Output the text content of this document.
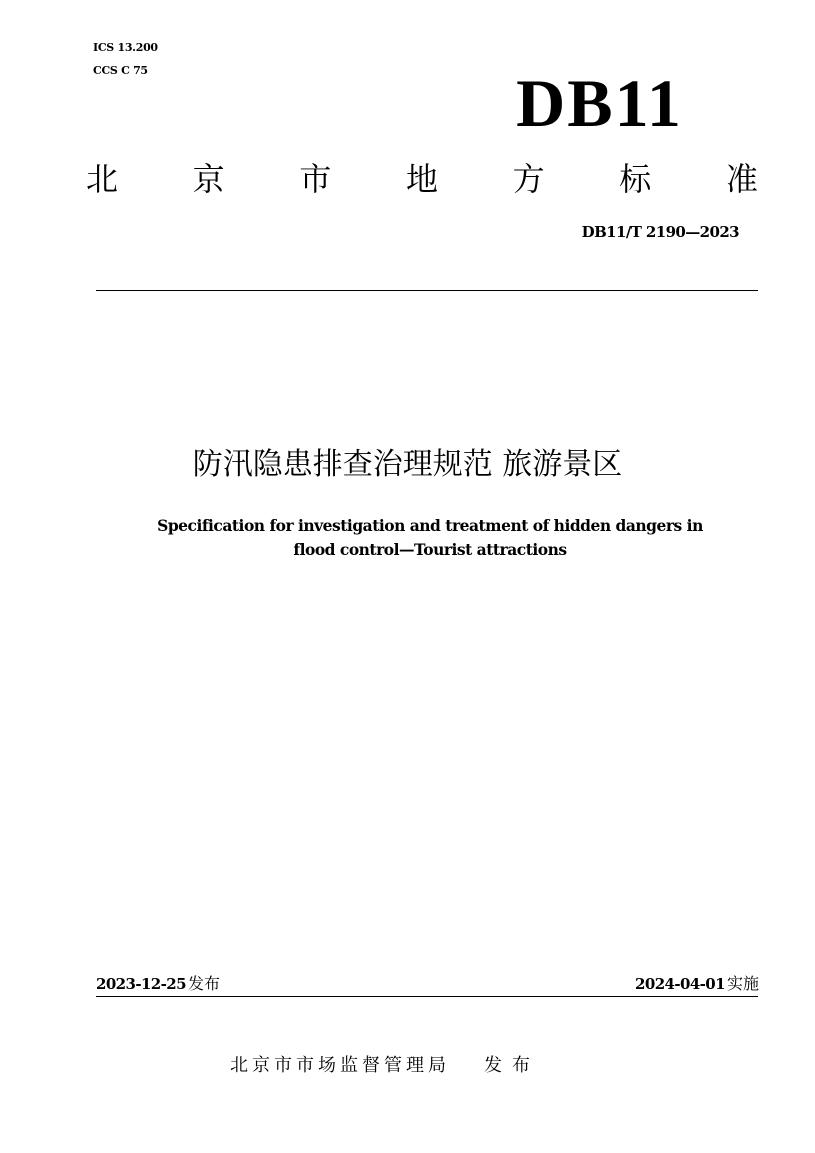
ICS 13.200
CCS C 75	DB11
北 京 市 地 方 标 准
DB11/T 2190—2023
防汛隐患排查治理规范 旅游景区
Specification for investigation and treatment of hidden dangers in
flood control—Tourist attractions
2023-12-25 发布	2024-04-01 实施
北京市市场监督管理局 发布
